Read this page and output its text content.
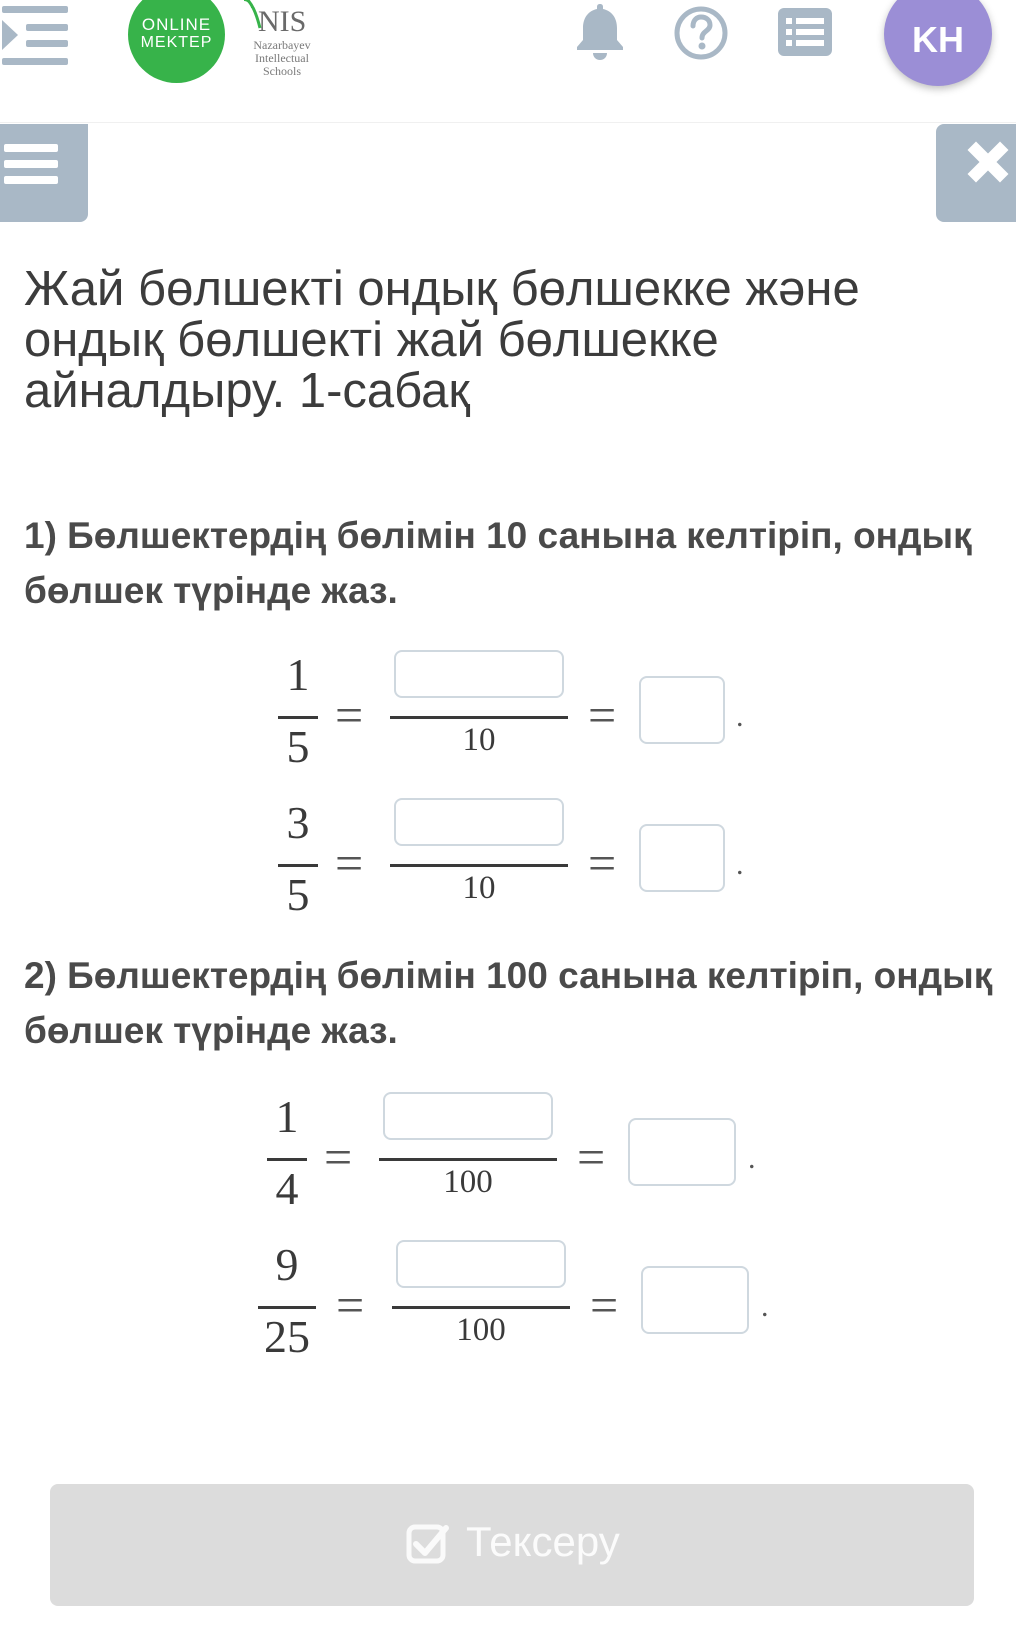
ONLINE
MEKTEP
NIS
Nazarbayev
Intellectual
Schools
KH
Жай бөлшекті ондық бөлшекке және ондық бөлшекті жай бөлшекке айналдыру. 1-сабақ
1) Бөлшектердің бөлімін 10 санына келтіріп, ондық бөлшек түрінде жаз.
1
5
=	10	=	.
3
5
=	10	=	.
2) Бөлшектердің бөлімін 100 санына келтіріп, ондық бөлшек түрінде жаз.
1
4
=	100	=	.
9
25
=	100	=	.
Тексеру
